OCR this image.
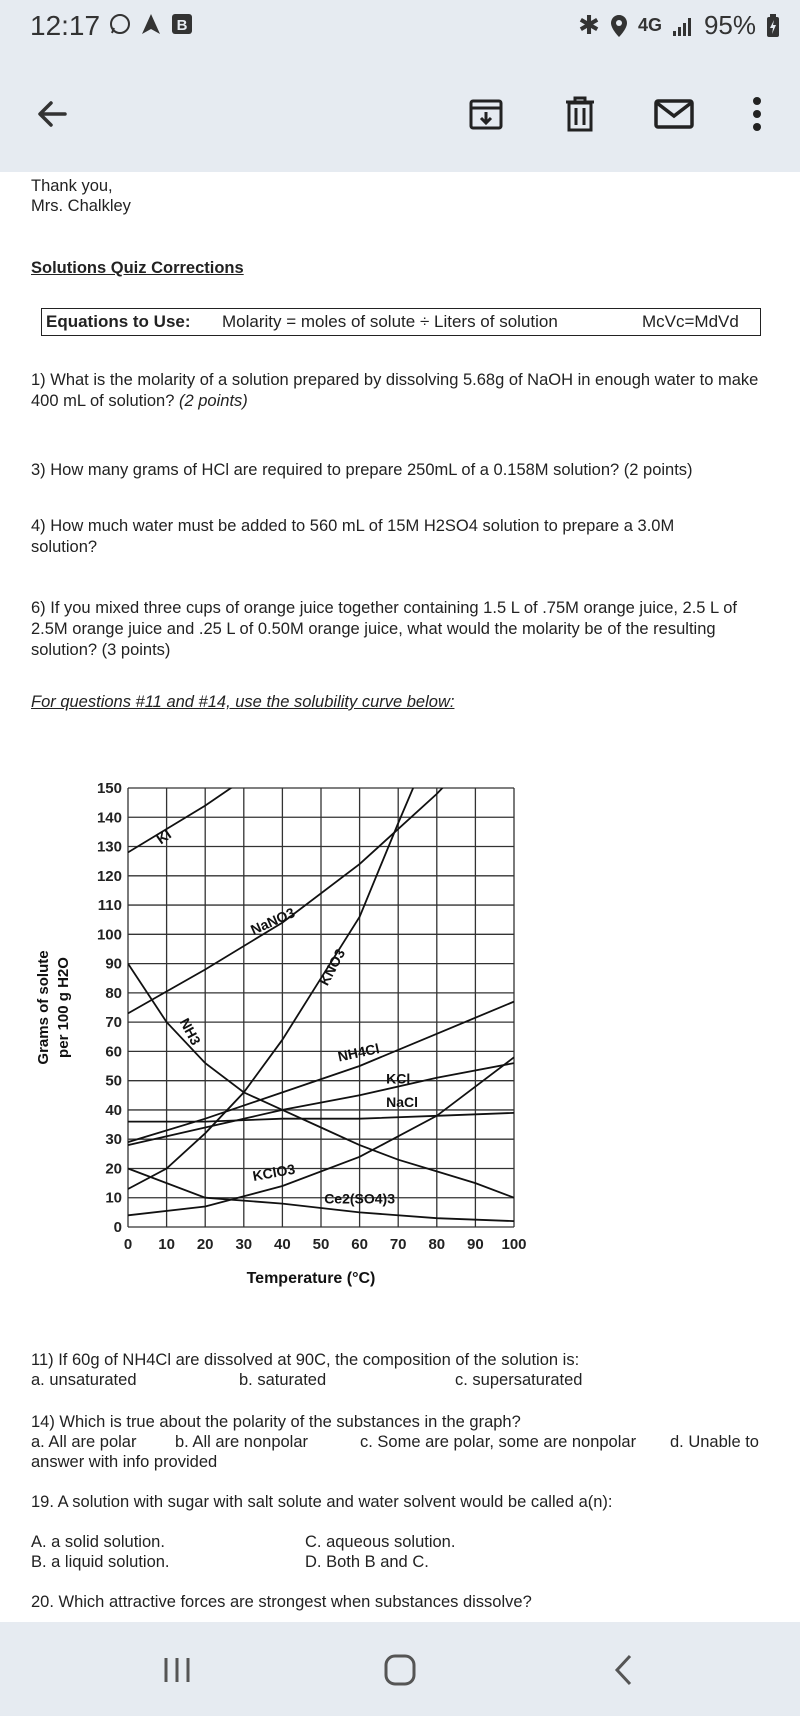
12:17	B	✱ 4G 95%
Thank you,
Mrs. Chalkley
Solutions Quiz Corrections
Equations to Use: Molarity = moles of solute ÷ Liters of solution	McVc=MdVd
1) What is the molarity of a solution prepared by dissolving 5.68g of NaOH in enough water to make 400 mL of solution? (2 points)
3) How many grams of HCl are required to prepare 250mL of a 0.158M solution? (2 points)
4) How much water must be added to 560 mL of 15M H2SO4 solution to prepare a 3.0M solution?
6) If you mixed three cups of orange juice together containing 1.5 L of .75M orange juice, 2.5 L of 2.5M orange juice and .25 L of 0.50M orange juice, what would the molarity be of the resulting solution? (3 points)
For questions #11 and #14, use the solubility curve below:
0 10 20 30 40 50 60 70 80 90 100
0
10
20
30
40
50
60
70
80
90
100
110
120
130
140
150
Temperature (°C)
Grams of solute per 100 g H2O
KI
NaNO3
KNO3
NH3
NH4Cl
KCl
NaCl
KClO3
Ce2(SO4)3
11) If 60g of NH4Cl are dissolved at 90C, the composition of the solution is:
a. unsaturated	b. saturated	c. supersaturated
14) Which is true about the polarity of the substances in the graph?
a. All are polar b. All are nonpolar	c. Some are polar, some are nonpolar d. Unable to
answer with info provided
19. A solution with sugar with salt solute and water solvent would be called a(n):
A. a solid solution.
B. a liquid solution.
C. aqueous solution.
D. Both B and C.
20. Which attractive forces are strongest when substances dissolve?
